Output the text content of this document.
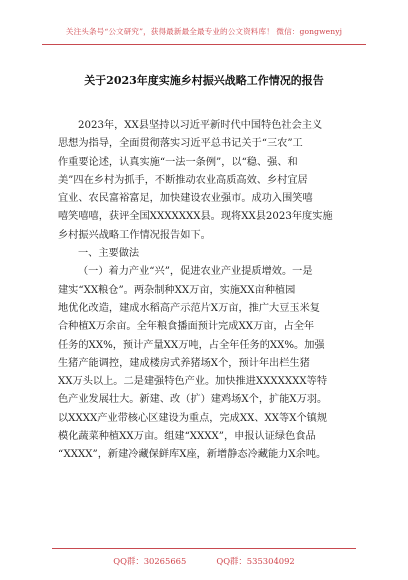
关注头条号“公文研究”，获得最新最全最专业的公文资料库！ 微信：gongwenyj
关于2023年度实施乡村振兴战略工作情况的报告
2023年，XX县坚持以习近平新时代中国特色社会主义
思想为指导，全面贯彻落实习近平总书记关于“三农”工
作重要论述，认真实施“一法一条例”，以“稳、强、和
美”四在乡村为抓手，不断推动农业高质高效、乡村宜居
宜业、农民富裕富足，加快建设农业强市。成功入围笑嘻
嘻笑嘻嘻，获评全国XXXXXXX县。现将XX县2023年度实施
乡村振兴战略工作情况报告如下。
一、主要做法
（一）着力产业“兴”，促进农业产业提质增效。一是
建实“XX粮仓”。两杂制种XX万亩，实施XX亩种植园
地优化改造，建成水稻高产示范片X万亩，推广大豆玉米复
合种植X万余亩。全年粮食播面预计完成XX万亩，占全年
任务的XX%，预计产量XX万吨，占全年任务的XX%。加强
生猪产能调控，建成楼房式养猪场X个，预计年出栏生猪
XX万头以上。二是建强特色产业。加快推进XXXXXXX等特
色产业发展壮大。新建、改（扩）建鸡场X个，扩能X万羽。
以XXXX产业带核心区建设为重点，完成XX、XX等X个镇规
模化蔬菜种植XX万亩。组建“XXXX”，申报认证绿色食品
“XXXX”，新建冷藏保鲜库X座，新增静态冷藏能力X余吨。
QQ群：30265665	QQ群：535304092
